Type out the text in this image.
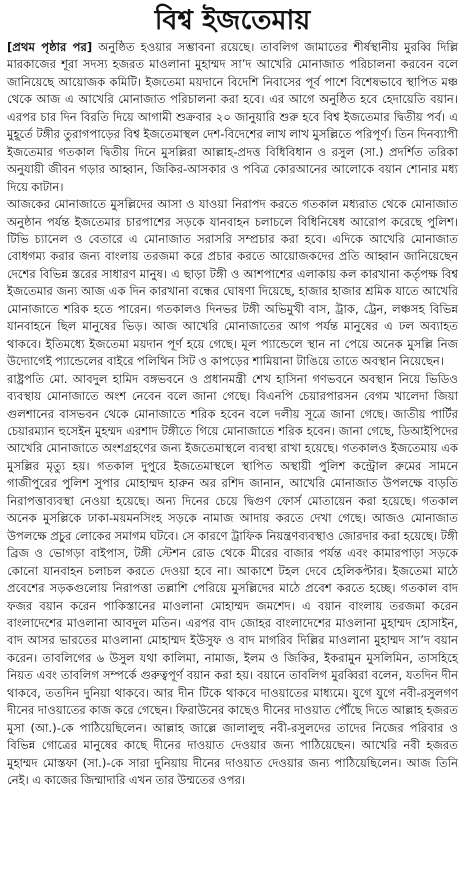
বিশ্ব ইজতেমায়

[প্রথম পৃষ্ঠার পর] অনুষ্ঠিত হওয়ার সম্ভাবনা রয়েছে। তাবলিগ জামাতের শীর্ষস্থানীয় মুরব্বি দিল্লি মারকাজের শূরা সদস্য হজরত মাওলানা মুহাম্মদ সা’দ আখেরি মোনাজাত পরিচালনা করবেন বলে জানিয়েছে আয়োজক কমিটি। ইজতেমা ময়দানে বিদেশি নিবাসের পূর্ব পাশে বিশেষভাবে স্থাপিত মঞ্চ থেকে আজ এ আখেরি মোনাজাত পরিচালনা করা হবে। এর আগে অনুষ্ঠিত হবে হেদায়েতি বয়ান। এরপর চার দিন বিরতি দিয়ে আগামী শুক্রবার ২০ জানুয়ারি শুরু হবে বিশ্ব ইজতেমার দ্বিতীয় পর্ব। এ মুহূর্তে টঙ্গীর তুরাগপাড়ের বিশ্ব ইজতেমাস্থল দেশ-বিদেশের লাখ লাখ মুসল্লিতে পরিপূর্ণ। তিন দিনব্যাপী ইজতেমার গতকাল দ্বিতীয় দিনে মুসল্লিরা আল্লাহ-প্রদত্ত বিধিবিধান ও রসুল (সা.) প্রদর্শিত তরিকা অনুযায়ী জীবন গড়ার আহ্বান, জিকির-আসকার ও পবিত্র কোরআনের আলোকে বয়ান শোনার মধ্য দিয়ে কাটান।

আজকের মোনাজাতে মুসল্লিদের আসা ও যাওয়া নিরাপদ করতে গতকাল মধ্যরাত থেকে মোনাজাত অনুষ্ঠান পর্যন্ত ইজতেমার চারপাশের সড়কে যানবাহন চলাচলে বিধিনিষেধ আরোপ করেছে পুলিশ। টিভি চ্যানেল ও বেতারে এ মোনাজাত সরাসরি সম্প্রচার করা হবে। এদিকে আখেরি মোনাজাত বোধগম্য করার জন্য বাংলায় তরজমা করে প্রচার করতে আয়োজকদের প্রতি আহ্বান জানিয়েছেন দেশের বিভিন্ন স্তরের সাধারণ মানুষ। এ ছাড়া টঙ্গী ও আশপাশের এলাকায় কল কারখানা কর্তৃপক্ষ বিশ্ব ইজতেমার জন্য আজ এক দিন কারখানা বন্ধের ঘোষণা দিয়েছে, হাজার হাজার শ্রমিক যাতে আখেরি মোনাজাতে শরিক হতে পারেন। গতকালও দিনভর টঙ্গী অভিমুখী বাস, ট্রাক, ট্রেন, লঞ্চসহ বিভিন্ন যানবাহনে ছিল মানুষের ভিড়। আজ আখেরি মোনাজাতের আগ পর্যন্ত মানুষের এ ঢল অব্যাহত থাকবে। ইতিমধ্যে ইজতেমা ময়দান পূর্ণ হয়ে গেছে। মূল প্যান্ডেলে স্থান না পেয়ে অনেক মুসল্লি নিজ উদ্যোগেই প্যান্ডেলের বাইরে পলিথিন সিট ও কাপড়ের শামিয়ানা টাঙিয়ে তাতে অবস্থান নিয়েছেন।

রাষ্ট্রপতি মো. আবদুল হামিদ বঙ্গভবনে ও প্রধানমন্ত্রী শেখ হাসিনা গণভবনে অবস্থান নিয়ে ভিডিও ব্যবস্থায় মোনাজাতে অংশ নেবেন বলে জানা গেছে। বিএনপি চেয়ারপারসন বেগম খালেদা জিয়া গুলশানের বাসভবন থেকে মোনাজাতে শরিক হবেন বলে দলীয় সূত্রে জানা গেছে। জাতীয় পার্টির চেয়ারম্যান হুসেইন মুহম্মদ এরশাদ টঙ্গীতে গিয়ে মোনাজাতে শরিক হবেন। জানা গেছে, ডিআইপিদের আখেরি মোনাজাতে অংশগ্রহণের জন্য ইজতেমাস্থলে ব্যবস্থা রাখা হয়েছে। গতকালও ইজতেমায় এক মুসল্লির মৃত্যু হয়। গতকাল দুপুরে ইজতেমাস্থলে স্থাপিত অস্থায়ী পুলিশ কন্ট্রোল রুমের সামনে গাজীপুরের পুলিশ সুপার মোহাম্মদ হারুন অর রশিদ জানান, আখেরি মোনাজাত উপলক্ষে বাড়তি নিরাপত্তাব্যবস্থা নেওয়া হয়েছে। অন্য দিনের চেয়ে দ্বিগুণ ফোর্স মোতায়েন করা হয়েছে। গতকাল অনেক মুসল্লিকে ঢাকা-ময়মনসিংহ সড়কে নামাজ আদায় করতে দেখা গেছে। আজও মোনাজাত উপলক্ষে প্রচুর লোকের সমাগম ঘটবে। সে কারণে ট্রাফিক নিয়ন্ত্রণব্যবস্থাও জোরদার করা হয়েছে। টঙ্গী ব্রিজ ও ভোগড়া বাইপাস, টঙ্গী স্টেশন রোড থেকে মীরের বাজার পর্যন্ত এবং কামারপাড়া সড়কে কোনো যানবাহন চলাচল করতে দেওয়া হবে না। আকাশে টহল দেবে হেলিকপ্টার। ইজতেমা মাঠে প্রবেশের সড়কগুলোয় নিরাপত্তা তল্লাশি পেরিয়ে মুসল্লিদের মাঠে প্রবেশ করতে হচ্ছে। গতকাল বাদ ফজর বয়ান করেন পাকিস্তানের মাওলানা মোহাম্মদ জমশেদ। এ বয়ান বাংলায় তরজমা করেন বাংলাদেশের মাওলানা আবদুল মতিন। এরপর বাদ জোহর বাংলাদেশের মাওলানা মুহাম্মদ হোসাইন, বাদ আসর ভারতের মাওলানা মোহাম্মদ ইউসুফ ও বাদ মাগরিব দিল্লির মাওলানা মুহাম্মদ সা’দ বয়ান করেন। তাবলিগের ৬ উসুল যথা কালিমা, নামাজ, ইলম ও জিকির, ইকরামুন মুসলিমিন, তাসহিহে নিয়ত এবং তাবলিগ সম্পর্কে গুরুত্বপূর্ণ বয়ান করা হয়। বয়ানে তাবলিগ মুরব্বিরা বলেন, যতদিন দীন থাকবে, ততদিন দুনিয়া থাকবে। আর দীন টিকে থাকবে দাওয়াতের মাধ্যমে। যুগে যুগে নবী-রসুলগণ দীনের দাওয়াতের কাজ করে গেছেন। ফিরাউনের কাছেও দীনের দাওয়াত পৌঁছে দিতে আল্লাহ হজরত মুসা (আ.)-কে পাঠিয়েছিলেন। আল্লাহ জাল্লে জালালুহু নবী-রসুলদের তাদের নিজের পরিবার ও বিভিন্ন গোত্রের মানুষের কাছে দীনের দাওয়াত দেওয়ার জন্য পাঠিয়েছেন। আখেরি নবী হজরত মুহাম্মদ মোস্তফা (সা.)-কে সারা দুনিয়ায় দীনের দাওয়াত দেওয়ার জন্য পাঠিয়েছিলেন। আজ তিনি নেই। এ কাজের জিম্মাদারি এখন তার উম্মতের ওপর।
